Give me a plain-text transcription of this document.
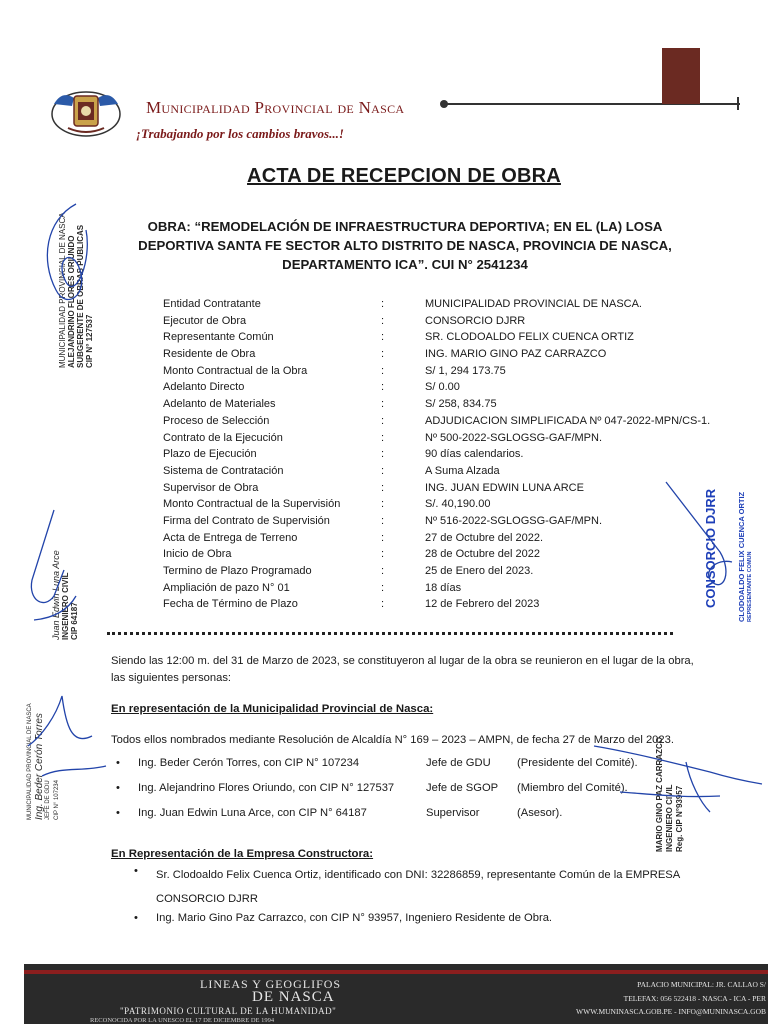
Municipalidad Provincial de Nasca
¡Trabajando por los cambios bravos...!
ACTA DE RECEPCION DE OBRA
OBRA: “REMODELACIÓN DE INFRAESTRUCTURA DEPORTIVA; EN EL (LA) LOSA DEPORTIVA SANTA FE SECTOR ALTO DISTRITO DE NASCA, PROVINCIA DE NASCA, DEPARTAMENTO ICA”. CUI N° 2541234
Entidad Contratante	:	MUNICIPALIDAD PROVINCIAL DE NASCA.
Ejecutor de Obra	:	CONSORCIO DJRR
Representante Común	:	SR. CLODOALDO FELIX CUENCA ORTIZ
Residente de Obra	:	ING. MARIO GINO PAZ CARRAZCO
Monto Contractual de la Obra	:	S/ 1, 294 173.75
Adelanto Directo	:	S/ 0.00
Adelanto de Materiales	:	S/ 258, 834.75
Proceso de Selección	:	ADJUDICACION SIMPLIFICADA Nº 047-2022-MPN/CS-1.
Contrato de la Ejecución	:	Nº 500-2022-SGLOGSG-GAF/MPN.
Plazo de Ejecución	:	90 días calendarios.
Sistema de Contratación	:	A Suma Alzada
Supervisor de Obra	:	ING. JUAN EDWIN LUNA ARCE
Monto Contractual de la Supervisión	:	S/. 40,190.00
Firma del Contrato de Supervisión	:	Nº 516-2022-SGLOGSG-GAF/MPN.
Acta de Entrega de Terreno	:	27 de Octubre del 2022.
Inicio de Obra	:	28 de Octubre del 2022
Termino de Plazo Programado	:	25 de Enero del 2023.
Ampliación de pazo N° 01	:	18 días
Fecha de Término de Plazo	:	12 de Febrero del 2023
Siendo las 12:00 m. del 31 de Marzo de 2023, se constituyeron al lugar de la obra se reunieron en el lugar de la obra, las siguientes personas:
En representación de la Municipalidad Provincial de Nasca:
Todos ellos nombrados mediante Resolución de Alcaldía N° 169 – 2023 – AMPN, de fecha 27 de Marzo del 2023.
• Ing. Beder Cerón Torres, con CIP N° 107234	Jefe de GDU (Presidente del Comité).
• Ing. Alejandrino Flores Oriundo, con CIP N° 127537	Jefe de SGOP (Miembro del Comité).
• Ing. Juan Edwin Luna Arce, con CIP N° 64187	Supervisor	(Asesor).
En Representación de la Empresa Constructora:
• Sr. Clodoaldo Felix Cuenca Ortiz, identificado con DNI: 32286859, representante Común de la EMPRESA CONSORCIO DJRR
• Ing. Mario Gino Paz Carrazco, con CIP N° 93957, Ingeniero Residente de Obra.
MUNICIPALIDAD PROVINCIAL DE NASCA ALEJANDRINO FLORES ORIUNDO SUBGERENTE DE OBRAS PUBLICAS CIP N° 127537
Juan Edwin Luna Arce INGENIERO CIVIL CIP 64187
MUNICIPALIDAD PROVINCIAL DE NASCA Ing. Beder Cerón Torres JEFE DE GDU CIP N° 107234
CONSORCIO DJRR	CLODOALDO FELIX CUENCA ORTIZ REPRESENTANTE COMUN
MARIO GINO PAZ CARRAZCO INGENIERO CIVIL Reg. CIP N°93957
LINEAS Y GEOGLIFOS
DE NASCA
"PATRIMONIO CULTURAL DE LA HUMANIDAD"
RECONOCIDA POR LA UNESCO EL 17 DE DICIEMBRE DE 1994
PALACIO MUNICIPAL: JR. CALLAO S/
TELEFAX: 056 522418 - NASCA - ICA - PER
WWW.MUNINASCA.GOB.PE - INFO@MUNINASCA.GOB
